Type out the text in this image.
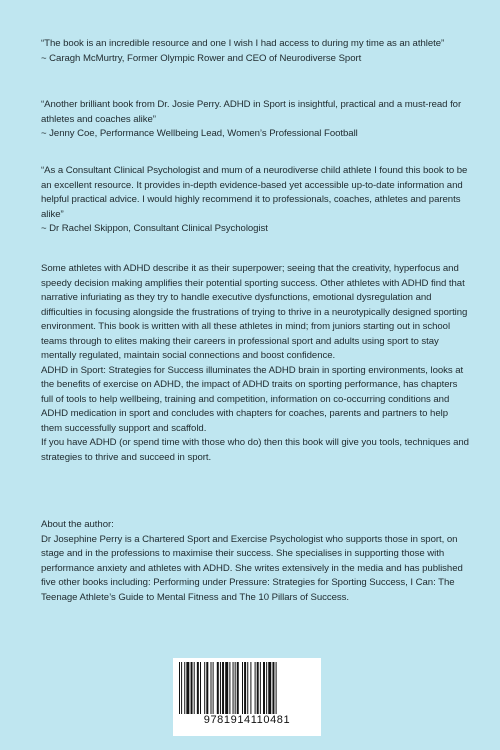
“The book is an incredible resource and one I wish I had access to during my time as an athlete”
~ Caragh McMurtry, Former Olympic Rower and CEO of Neurodiverse Sport
“Another brilliant book from Dr. Josie Perry. ADHD in Sport is insightful, practical and a must-read for athletes and coaches alike”
~ Jenny Coe, Performance Wellbeing Lead, Women’s Professional Football
“As a Consultant Clinical Psychologist and mum of a neurodiverse child athlete I found this book to be an excellent resource. It provides in-depth evidence-based yet accessible up-to-date information and helpful practical advice. I would highly recommend it to professionals, coaches, athletes and parents alike”
~ Dr Rachel Skippon, Consultant Clinical Psychologist

Some athletes with ADHD describe it as their superpower; seeing that the creativity, hyperfocus and speedy decision making amplifies their potential sporting success. Other athletes with ADHD find that narrative infuriating as they try to handle executive dysfunctions, emotional dysregulation and difficulties in focusing alongside the frustrations of trying to thrive in a neurotypically designed sporting environment. This book is written with all these athletes in mind; from juniors starting out in school teams through to elites making their careers in professional sport and adults using sport to stay mentally regulated, maintain social connections and boost confidence.

ADHD in Sport: Strategies for Success illuminates the ADHD brain in sporting environments, looks at the benefits of exercise on ADHD, the impact of ADHD traits on sporting performance, has chapters full of tools to help wellbeing, training and competition, information on co-occurring conditions and ADHD medication in sport and concludes with chapters for coaches, parents and partners to help them successfully support and scaffold.

If you have ADHD (or spend time with those who do) then this book will give you tools, techniques and strategies to thrive and succeed in sport.

About the author:
Dr Josephine Perry is a Chartered Sport and Exercise Psychologist who supports those in sport, on stage and in the professions to maximise their success. She specialises in supporting those with performance anxiety and athletes with ADHD. She writes extensively in the media and has published five other books including: Performing under Pressure: Strategies for Sporting Success, I Can: The Teenage Athlete’s Guide to Mental Fitness and The 10 Pillars of Success.
9781914110481
